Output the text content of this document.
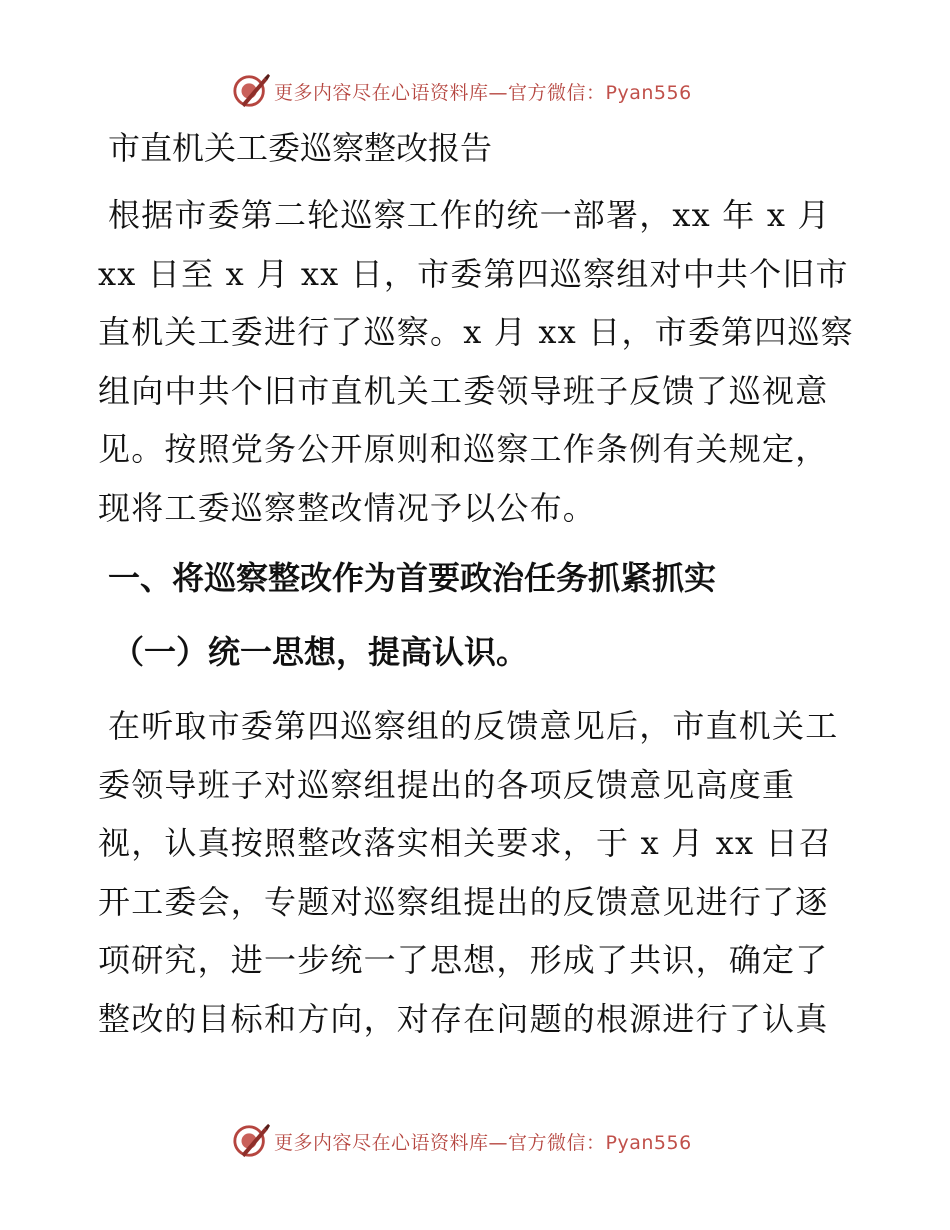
更多内容尽在心语资料库—官方微信：Pyan556
市直机关工委巡察整改报告

根据市委第二轮巡察工作的统一部署，xx 年 x 月 xx 日至 x 月 xx 日，市委第四巡察组对中共个旧市直机关工委进行了巡察。x 月 xx 日，市委第四巡察组向中共个旧市直机关工委领导班子反馈了巡视意见。按照党务公开原则和巡察工作条例有关规定，现将工委巡察整改情况予以公布。

一、将巡察整改作为首要政治任务抓紧抓实
（一）统一思想，提高认识。

在听取市委第四巡察组的反馈意见后，市直机关工委领导班子对巡察组提出的各项反馈意见高度重视，认真按照整改落实相关要求，于 x 月 xx 日召开工委会，专题对巡察组提出的反馈意见进行了逐项研究，进一步统一了思想，形成了共识，确定了整改的目标和方向，对存在问题的根源进行了认真

更多内容尽在心语资料库—官方微信：Pyan556
